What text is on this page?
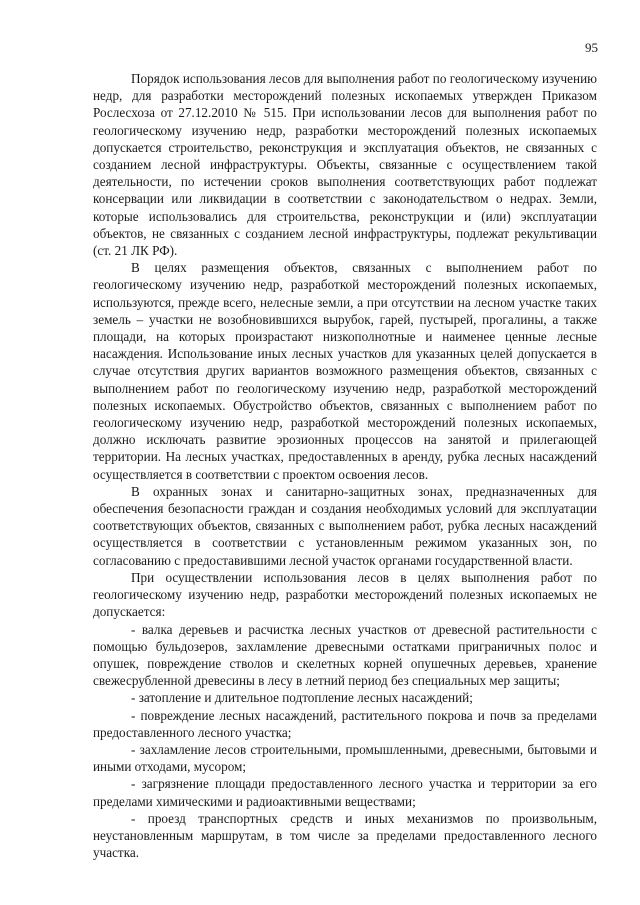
95

Порядок использования лесов для выполнения работ по геологическому изучению недр, для разработки месторождений полезных ископаемых утвержден Приказом Рослесхоза от 27.12.2010 № 515. При использовании лесов для выполнения работ по геологическому изучению недр, разработки месторождений полезных ископаемых допускается строительство, реконструкция и эксплуатация объектов, не связанных с созданием лесной инфраструктуры. Объекты, связанные с осуществлением такой деятельности, по истечении сроков выполнения соответствующих работ подлежат консервации или ликвидации в соответствии с законодательством о недрах. Земли, которые использовались для строительства, реконструкции и (или) эксплуатации объектов, не связанных с созданием лесной инфраструктуры, подлежат рекультивации (ст. 21 ЛК РФ).

В целях размещения объектов, связанных с выполнением работ по геологическому изучению недр, разработкой месторождений полезных ископаемых, используются, прежде всего, нелесные земли, а при отсутствии на лесном участке таких земель – участки не возобновившихся вырубок, гарей, пустырей, прогалины, а также площади, на которых произрастают низкополнотные и наименее ценные лесные насаждения. Использование иных лесных участков для указанных целей допускается в случае отсутствия других вариантов возможного размещения объектов, связанных с выполнением работ по геологическому изучению недр, разработкой месторождений полезных ископаемых. Обустройство объектов, связанных с выполнением работ по геологическому изучению недр, разработкой месторождений полезных ископаемых, должно исключать развитие эрозионных процессов на занятой и прилегающей территории. На лесных участках, предоставленных в аренду, рубка лесных насаждений осуществляется в соответствии с проектом освоения лесов.

В охранных зонах и санитарно-защитных зонах, предназначенных для обеспечения безопасности граждан и создания необходимых условий для эксплуатации соответствующих объектов, связанных с выполнением работ, рубка лесных насаждений осуществляется в соответствии с установленным режимом указанных зон, по согласованию с предоставившими лесной участок органами государственной власти.

При осуществлении использования лесов в целях выполнения работ по геологическому изучению недр, разработки месторождений полезных ископаемых не допускается:

- валка деревьев и расчистка лесных участков от древесной растительности с помощью бульдозеров, захламление древесными остатками приграничных полос и опушек, повреждение стволов и скелетных корней опушечных деревьев, хранение свежесрубленной древесины в лесу в летний период без специальных мер защиты;

- затопление и длительное подтопление лесных насаждений;

- повреждение лесных насаждений, растительного покрова и почв за пределами предоставленного лесного участка;

- захламление лесов строительными, промышленными, древесными, бытовыми и иными отходами, мусором;

- загрязнение площади предоставленного лесного участка и территории за его пределами химическими и радиоактивными веществами;

- проезд транспортных средств и иных механизмов по произвольным, неустановленным маршрутам, в том числе за пределами предоставленного лесного участка.
